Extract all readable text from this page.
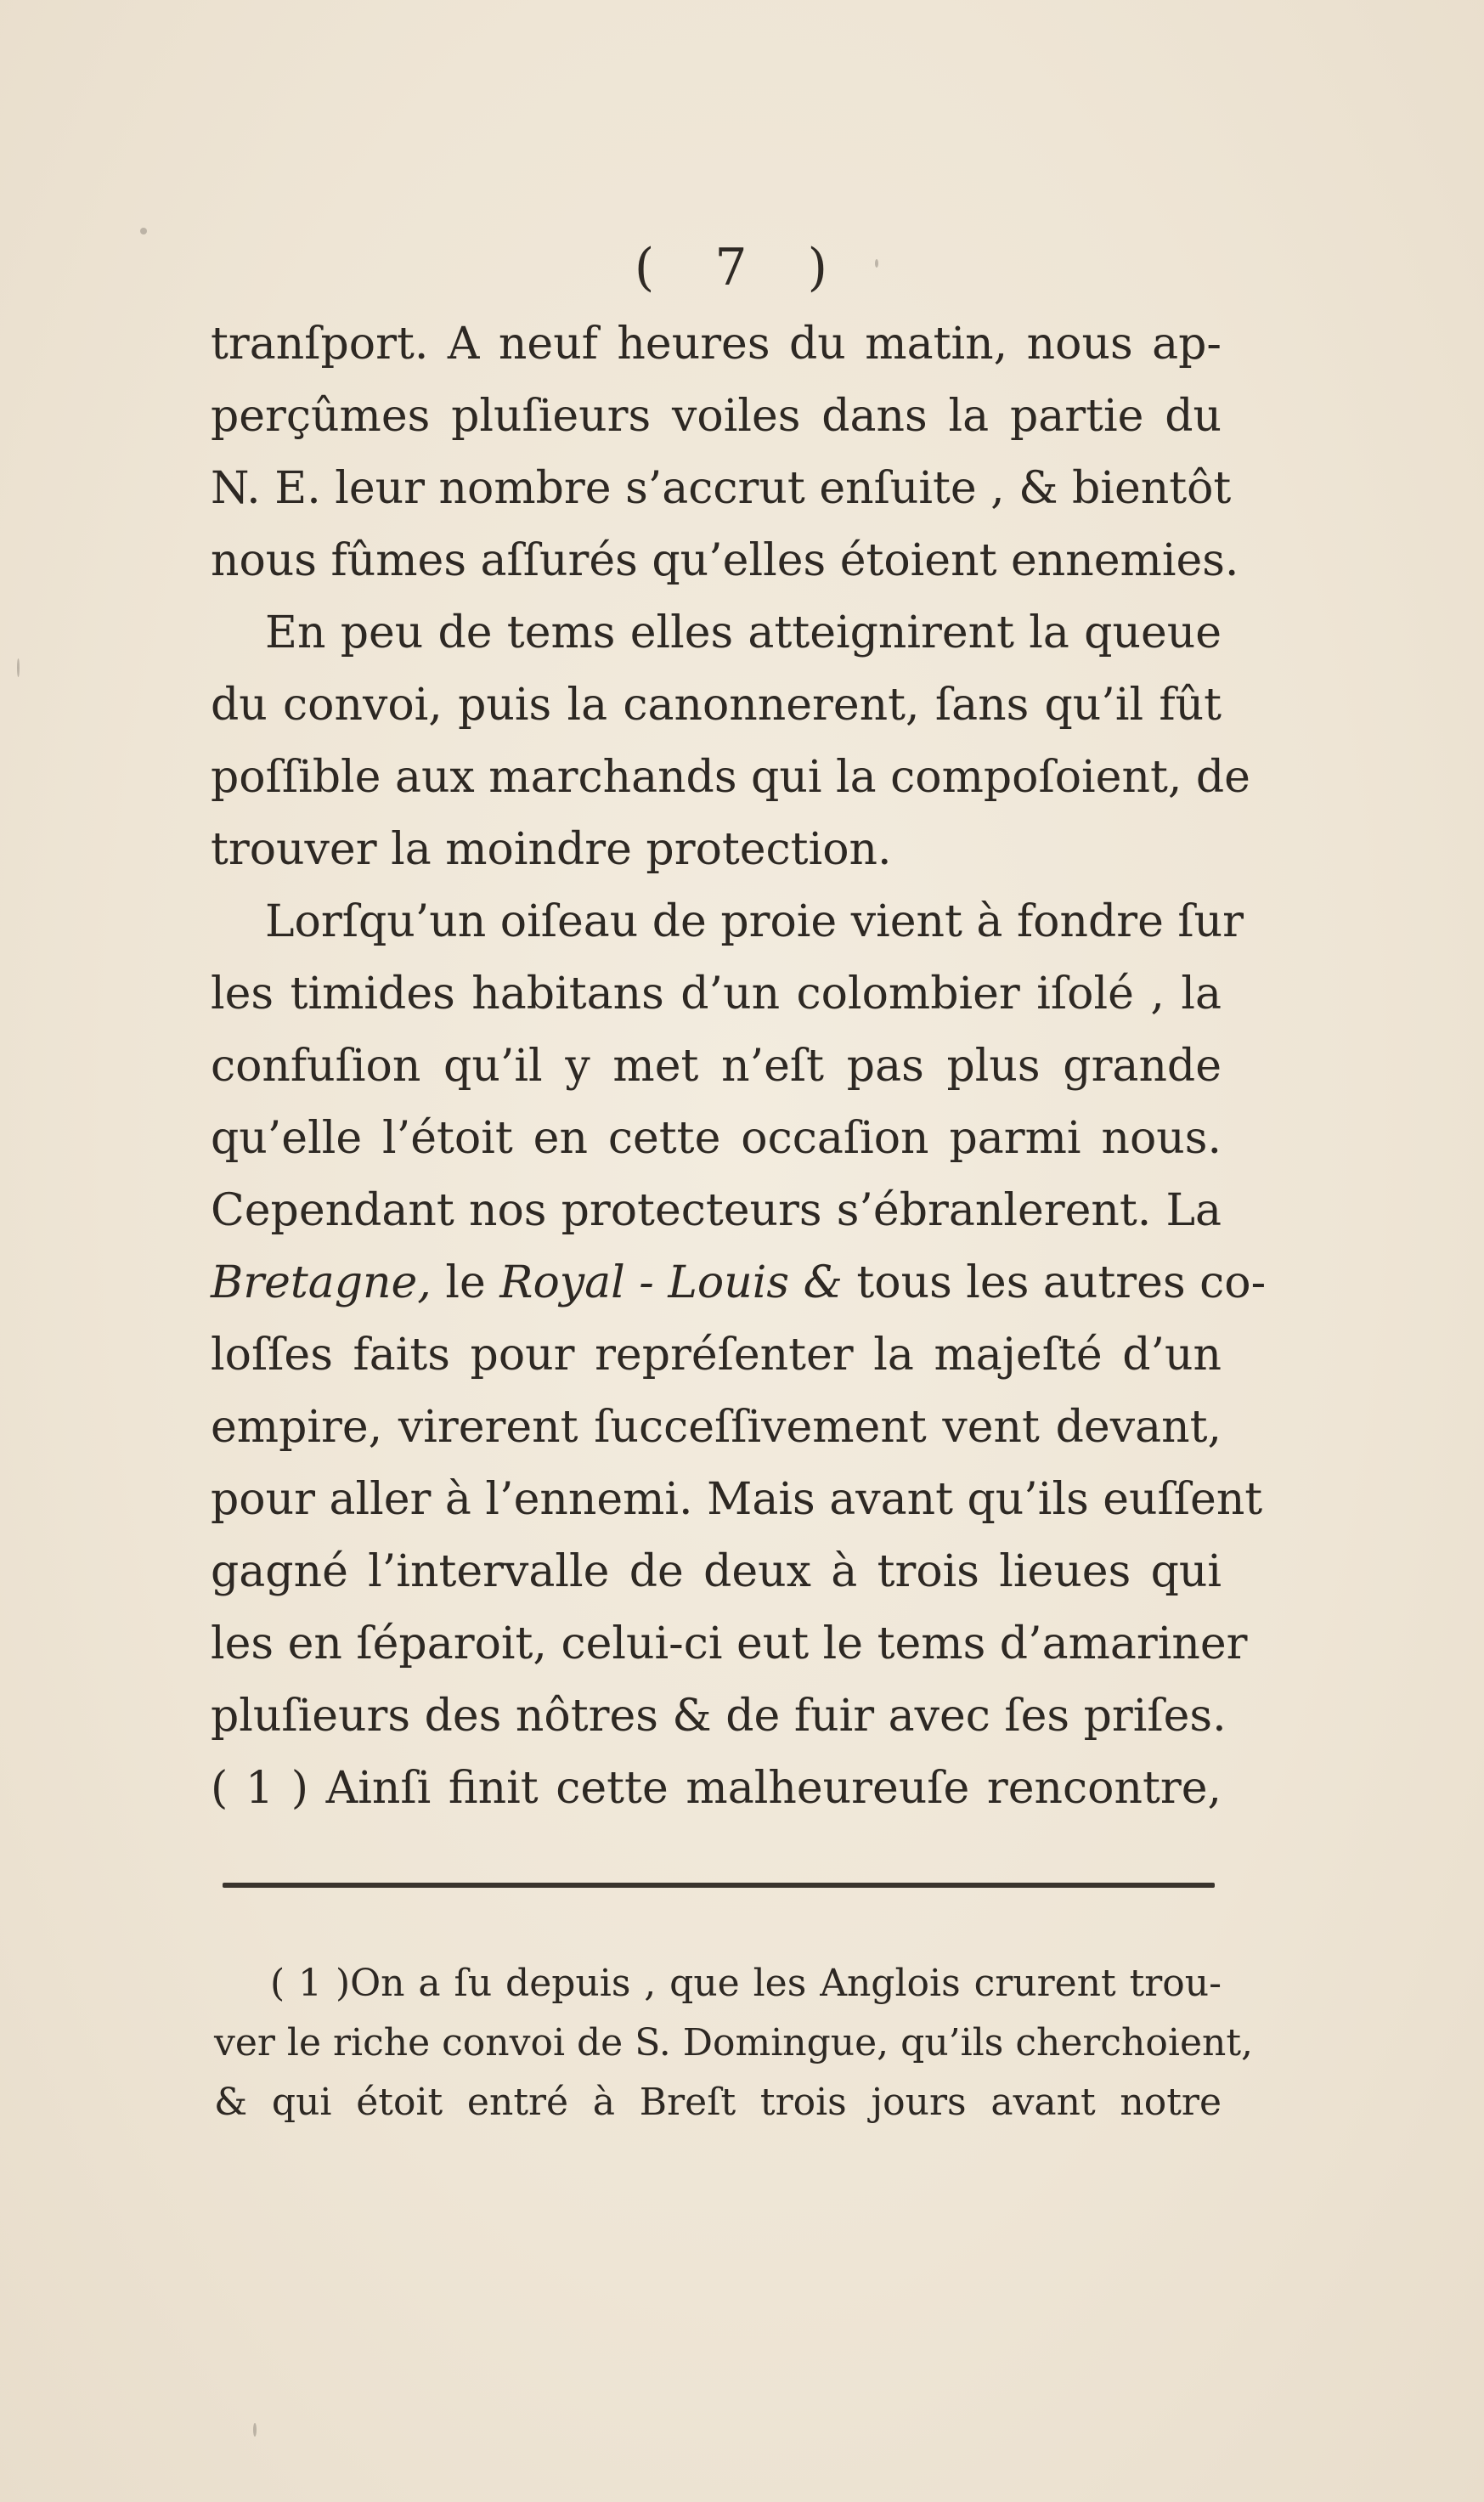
( 7 )
tranſport. A neuf heures du matin, nous ap-
perçûmes pluſieurs voiles dans la partie du
N. E. leur nombre s’accrut enſuite , & bientôt
nous fûmes aſſurés qu’elles étoient ennemies.
En peu de tems elles atteignirent la queue
du convoi, puis la canonnerent, ſans qu’il fût
poſſible aux marchands qui la compoſoient, de
trouver la moindre protection.
Lorſqu’un oiſeau de proie vient à fondre ſur
les timides habitans d’un colombier iſolé , la
confuſion qu’il y met n’eſt pas plus grande
qu’elle l’étoit en cette occaſion parmi nous.
Cependant nos protecteurs s’ébranlerent. La
Bretagne, le Royal - Louis & tous les autres co-
loſſes faits pour repréſenter la majeſté d’un
empire, virerent ſucceſſivement vent devant,
pour aller à l’ennemi. Mais avant qu’ils euſſent
gagné l’intervalle de deux à trois lieues qui
les en ſéparoit, celui-ci eut le tems d’amariner
pluſieurs des nôtres & de fuir avec ſes priſes.
( 1 ) Ainſi finit cette malheureuſe rencontre,
( 1 )On a ſu depuis , que les Anglois crurent trou-
ver le riche convoi de S. Domingue, qu’ils cherchoient,
& qui étoit entré à Breſt trois jours avant notre
